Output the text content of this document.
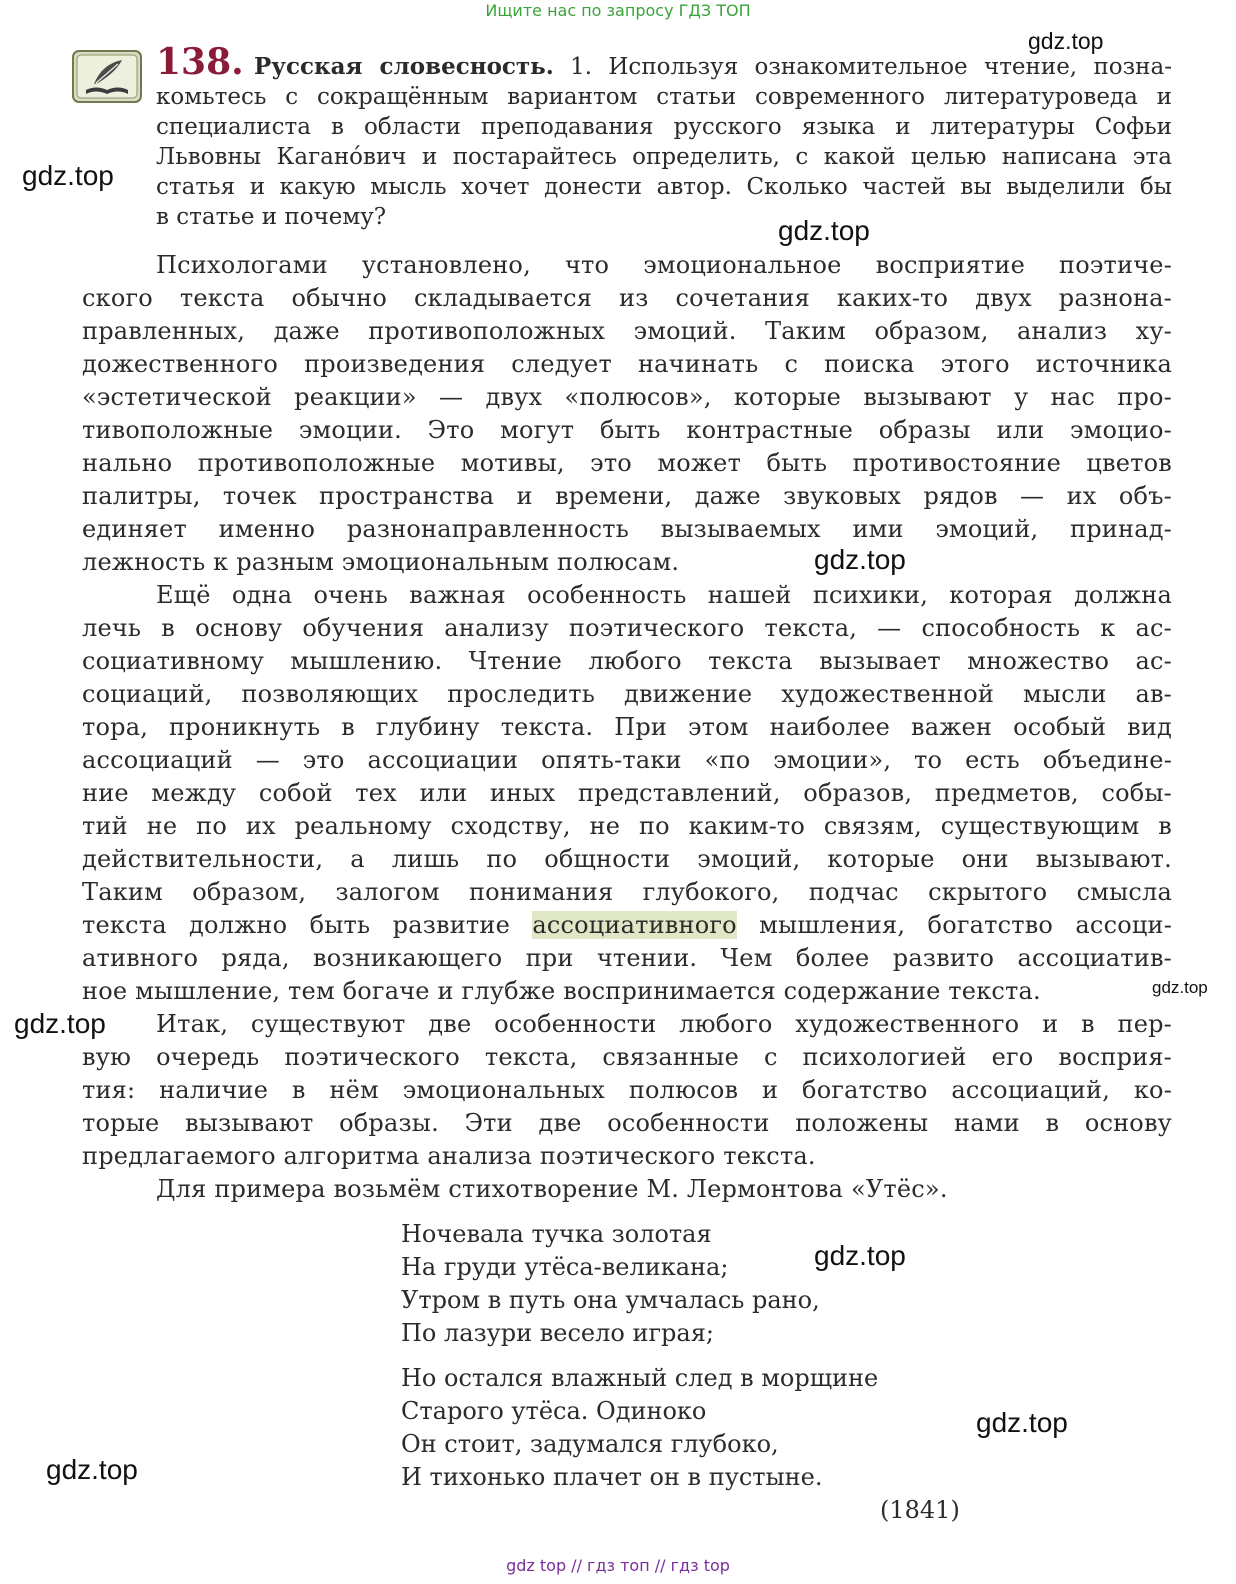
Ищите нас по запросу ГДЗ ТОП
138. Русская словесность. 1. Используя ознакомительное чтение, позна-
комьтесь с сокращённым вариантом статьи современного литературоведа и
специалиста в области преподавания русского языка и литературы Софьи
Львовны Каганóвич и постарайтесь определить, с какой целью написана эта
статья и какую мысль хочет донести автор. Сколько частей вы выделили бы
в статье и почему?
Психологами установлено, что эмоциональное восприятие поэтиче-
ского текста обычно складывается из сочетания каких-то двух разнона-
правленных, даже противоположных эмоций. Таким образом, анализ ху-
дожественного произведения следует начинать с поиска этого источника
«эстетической реакции» — двух «полюсов», которые вызывают у нас про-
тивоположные эмоции. Это могут быть контрастные образы или эмоцио-
нально противоположные мотивы, это может быть противостояние цветов
палитры, точек пространства и времени, даже звуковых рядов — их объ-
единяет именно разнонаправленность вызываемых ими эмоций, принад-
лежность к разным эмоциональным полюсам.
Ещё одна очень важная особенность нашей психики, которая должна
лечь в основу обучения анализу поэтического текста, — способность к ас-
социативному мышлению. Чтение любого текста вызывает множество ас-
социаций, позволяющих проследить движение художественной мысли ав-
тора, проникнуть в глубину текста. При этом наиболее важен особый вид
ассоциаций — это ассоциации опять-таки «по эмоции», то есть объедине-
ние между собой тех или иных представлений, образов, предметов, собы-
тий не по их реальному сходству, не по каким-то связям, существующим в
действительности, а лишь по общности эмоций, которые они вызывают.
Таким образом, залогом понимания глубокого, подчас скрытого смысла
текста должно быть развитие ассоциативного мышления, богатство ассоци-
ативного ряда, возникающего при чтении. Чем более развито ассоциатив-
ное мышление, тем богаче и глубже воспринимается содержание текста.
Итак, существуют две особенности любого художественного и в пер-
вую очередь поэтического текста, связанные с психологией его восприя-
тия: наличие в нём эмоциональных полюсов и богатство ассоциаций, ко-
торые вызывают образы. Эти две особенности положены нами в основу
предлагаемого алгоритма анализа поэтического текста.
Для примера возьмём стихотворение М. Лермонтова «Утёс».
Ночевала тучка золотая
На груди утёса-великана;
Утром в путь она умчалась рано,
По лазури весело играя;
Но остался влажный след в морщине
Старого утёса. Одиноко
Он стоит, задумался глубоко,
И тихонько плачет он в пустыне.
(1841)
gdz.top
gdz.top
gdz.top
gdz.top
gdz.top
gdz.top
gdz.top
gdz.top
gdz.top
gdz top // гдз топ // гдз top
